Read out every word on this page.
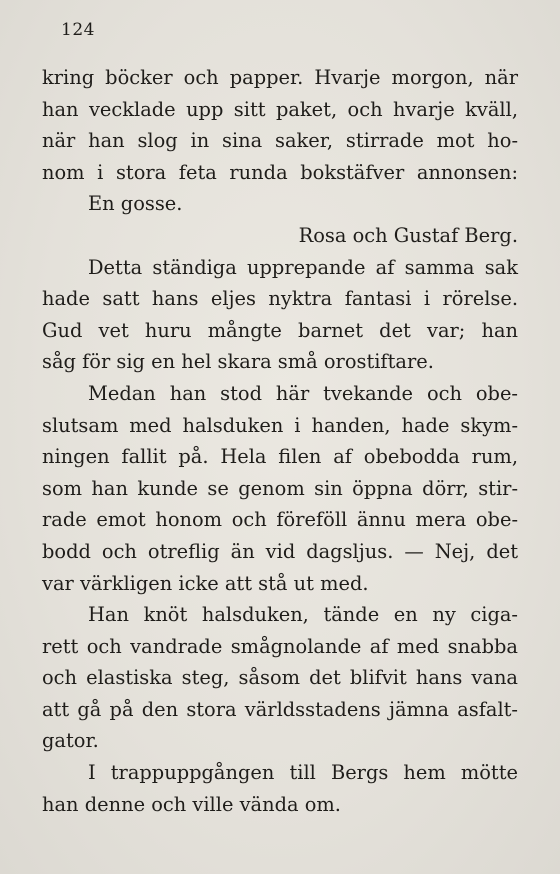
124
kring böcker och papper. Hvarje morgon, när
han vecklade upp sitt paket, och hvarje kväll,
när han slog in sina saker, stirrade mot ho-
nom i stora feta runda bokstäfver annonsen:
En gosse.
Rosa och Gustaf Berg.
Detta ständiga upprepande af samma sak
hade satt hans eljes nyktra fantasi i rörelse.
Gud vet huru mångte barnet det var; han
såg för sig en hel skara små orostiftare.
Medan han stod här tvekande och obe-
slutsam med halsduken i handen, hade skym-
ningen fallit på. Hela filen af obebodda rum,
som han kunde se genom sin öppna dörr, stir-
rade emot honom och föreföll ännu mera obe-
bodd och otreflig än vid dagsljus. — Nej, det
var värkligen icke att stå ut med.
Han knöt halsduken, tände en ny ciga-
rett och vandrade smågnolande af med snabba
och elastiska steg, såsom det blifvit hans vana
att gå på den stora världsstadens jämna asfalt-
gator.
I trappuppgången till Bergs hem mötte
han denne och ville vända om.
